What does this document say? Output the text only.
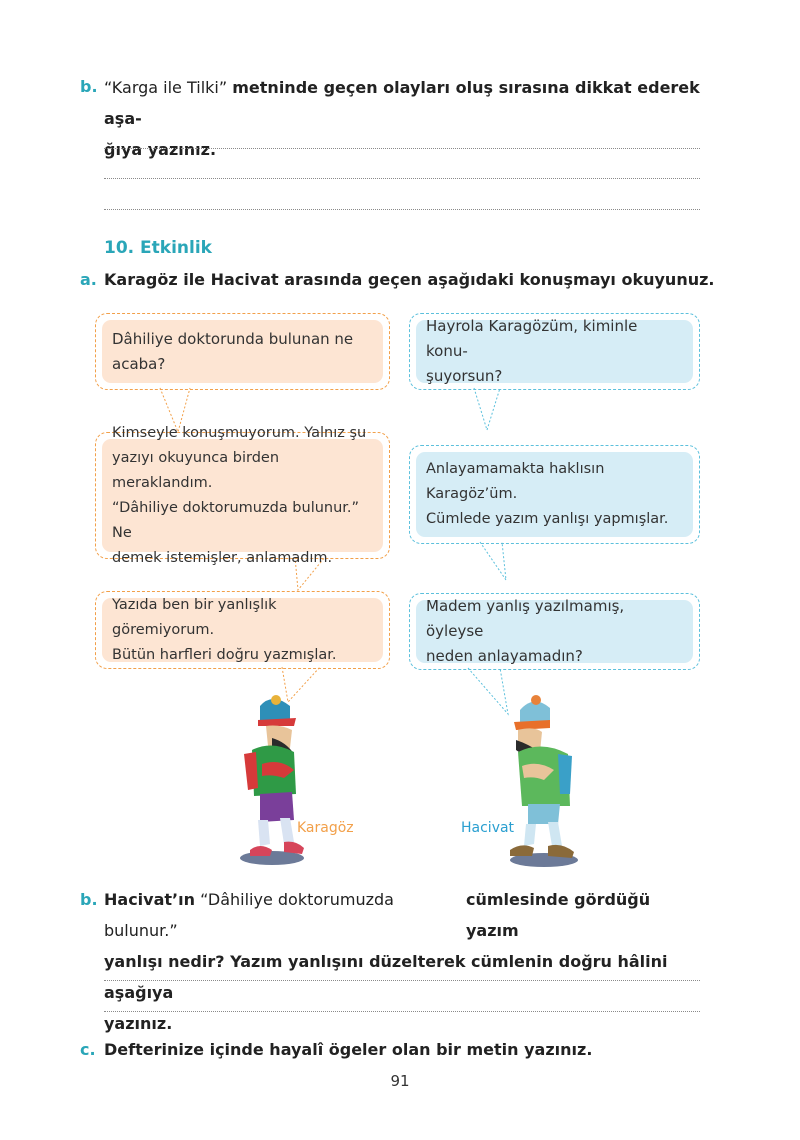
b. “Karga ile Tilki” metninde geçen olayları oluş sırasına dikkat ederek aşa-
ğıya yazınız.
10. Etkinlik
a. Karagöz ile Hacivat arasında geçen aşağıdaki konuşmayı okuyunuz.
Dâhiliye doktorunda bulunan ne
acaba?
Kimseyle konuşmuyorum. Yalnız şu
yazıyı okuyunca birden meraklandım.
“Dâhiliye doktorumuzda bulunur.” Ne
demek istemişler, anlamadım.
Yazıda ben bir yanlışlık göremiyorum.
Bütün harfleri doğru yazmışlar.
Hayrola Karagözüm, kiminle konu-
şuyorsun?
Anlayamamakta haklısın Karagöz’üm.
Cümlede yazım yanlışı yapmışlar.
Madem yanlış yazılmamış, öyleyse
neden anlayamadın?
Karagöz	Hacivat
b. Hacivat’ın “Dâhiliye doktorumuzda bulunur.”
cümlesinde gördüğü yazım
yanlışı nedir? Yazım yanlışını düzelterek cümlenin doğru hâlini aşağıya
yazınız.
c. Defterinize içinde hayalî ögeler olan bir metin yazınız.
91
